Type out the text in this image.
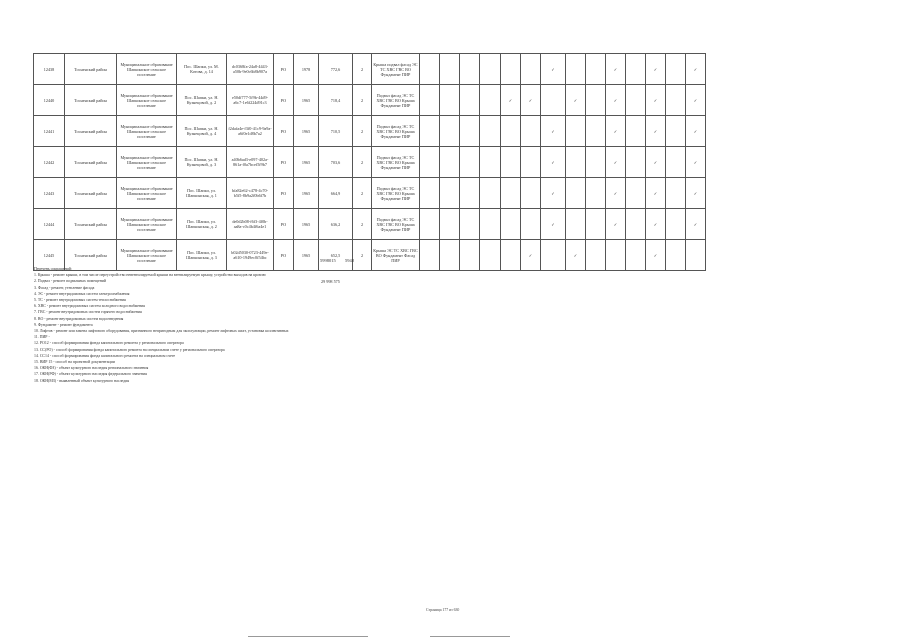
12438	Тосненский район	Муниципальное образование Шапкинское сельское поселение	Пос. Шапки, ул. М. Котова, д. 14	dc0368fa-24a8-4443-a50b-9e0c6b8b907a	РО	1978	772,6	2	Крыша подвал фасад ЭС ТС ХВС ГВС ВО Фундамент ПИР							✓			✓		✓		✓
12440	Тосненский район	Муниципальное образование Шапкинское сельское поселение	Пос. Шапки, ул. Н. Кузнецовой, д. 2	e50df777-5f9b-44d9-a6c7-1e6f224d91c3	РО	1965	718,4	2	Подвал фасад ЭС ТС ХВС ГВС ВО Крыша Фундамент ПИР					✓	✓		✓		✓		✓		✓
12441	Тосненский район	Муниципальное образование Шапкинское сельское поселение	Пос. Шапки, ул. Н. Кузнецовой, д. 4	f2dafa4e-f3f0-41c9-9a9a-a6f0e1d8b7a2	РО	1965	710,5	2	Подвал фасад ЭС ТС ХВС ГВС ВО Крыша Фундамент ПИР							✓			✓		✓		✓
12442	Тосненский район	Муниципальное образование Шапкинское сельское поселение	Пос. Шапки, ул. Н. Кузнецовой, д. 3	a40b6ad3-e097-402a-861a-f0a7bcef5f9b7	РО	1965	703,6	2	Подвал фасад ЭС ТС ХВС ГВС ВО Крыша Фундамент ПИР							✓			✓		✓		✓
12443	Тосненский район	Муниципальное образование Шапкинское сельское поселение	Пос. Шапки, ул. Шапкинская, д. 1	bfa82e62-c478-4c70-b5f5-8b9a2f0b6f7b	РО	1965	664,9	2	Подвал фасад ЭС ТС ХВС ГВС ВО Крыша Фундамент ПИР							✓			✓		✓		✓
12444	Тосненский район	Муниципальное образование Шапкинское сельское поселение	Пос. Шапки, ул. Шапкинская, д. 2	de0d2b08-f6f3-4f0b-aa8a-c0c4b4f6a4e1	РО	1965	636,2	2	Подвал фасад ЭС ТС ХВС ГВС ВО Крыша Фундамент ПИР							✓			✓		✓		✓
12445	Тосненский район	Муниципальное образование Шапкинское сельское поселение	Пос. Шапки, ул. Шапкинская, д. 3	b02d5030-0723-449e-a610-1949ec0f54bc	РО	1965	652,5	2	Крыша ЭС ТС ХВС ГВС ВО Фундамент Фасад ПИР						✓		✓				✓		
5998015 5948
Перечень сокращений:
1. Крыша - ремонт крыши, в том числе переустройство невентилируемой крыши на вентилируемую крышу, устройство выходов на кровлю
2. Подвал - ремонт подвальных помещений
3. Фасад - ремонт, утепление фасада
4. ЭС - ремонт внутридомовых систем электроснабжения
5. ТС - ремонт внутридомовых систем теплоснабжения
6. ХВС - ремонт внутридомовых систем холодного водоснабжения
7. ГВС - ремонт внутридомовых систем горячего водоснабжения
8. ВО - ремонт внутридомовых систем водоотведения
9. Фундамент - ремонт фундамента
10. Лифтов - ремонт или замена лифтового оборудования, признанного непригодным для эксплуатации, ремонт лифтовых шахт, установка коллективных
11. ПИР -
12. РО12 - способ формирования фонда капитального ремонта у регионального оператора
13. СС(РО) - способ формирования фонда капитального ремонта на специальном счете у регионального оператора
14. СС14 - способ формирования фонда капитального ремонта на специальном счете
15. ВИР 15 - способ на проектной документации
16. ОКН(ФЗ) - объект культурного наследия регионального значения
17. ОКН(РФ) - объект культурного наследия федерального значения
18. ОКН(МЗ) - выявленный объект культурного наследия
29 998 575
Страница 177 из 630
